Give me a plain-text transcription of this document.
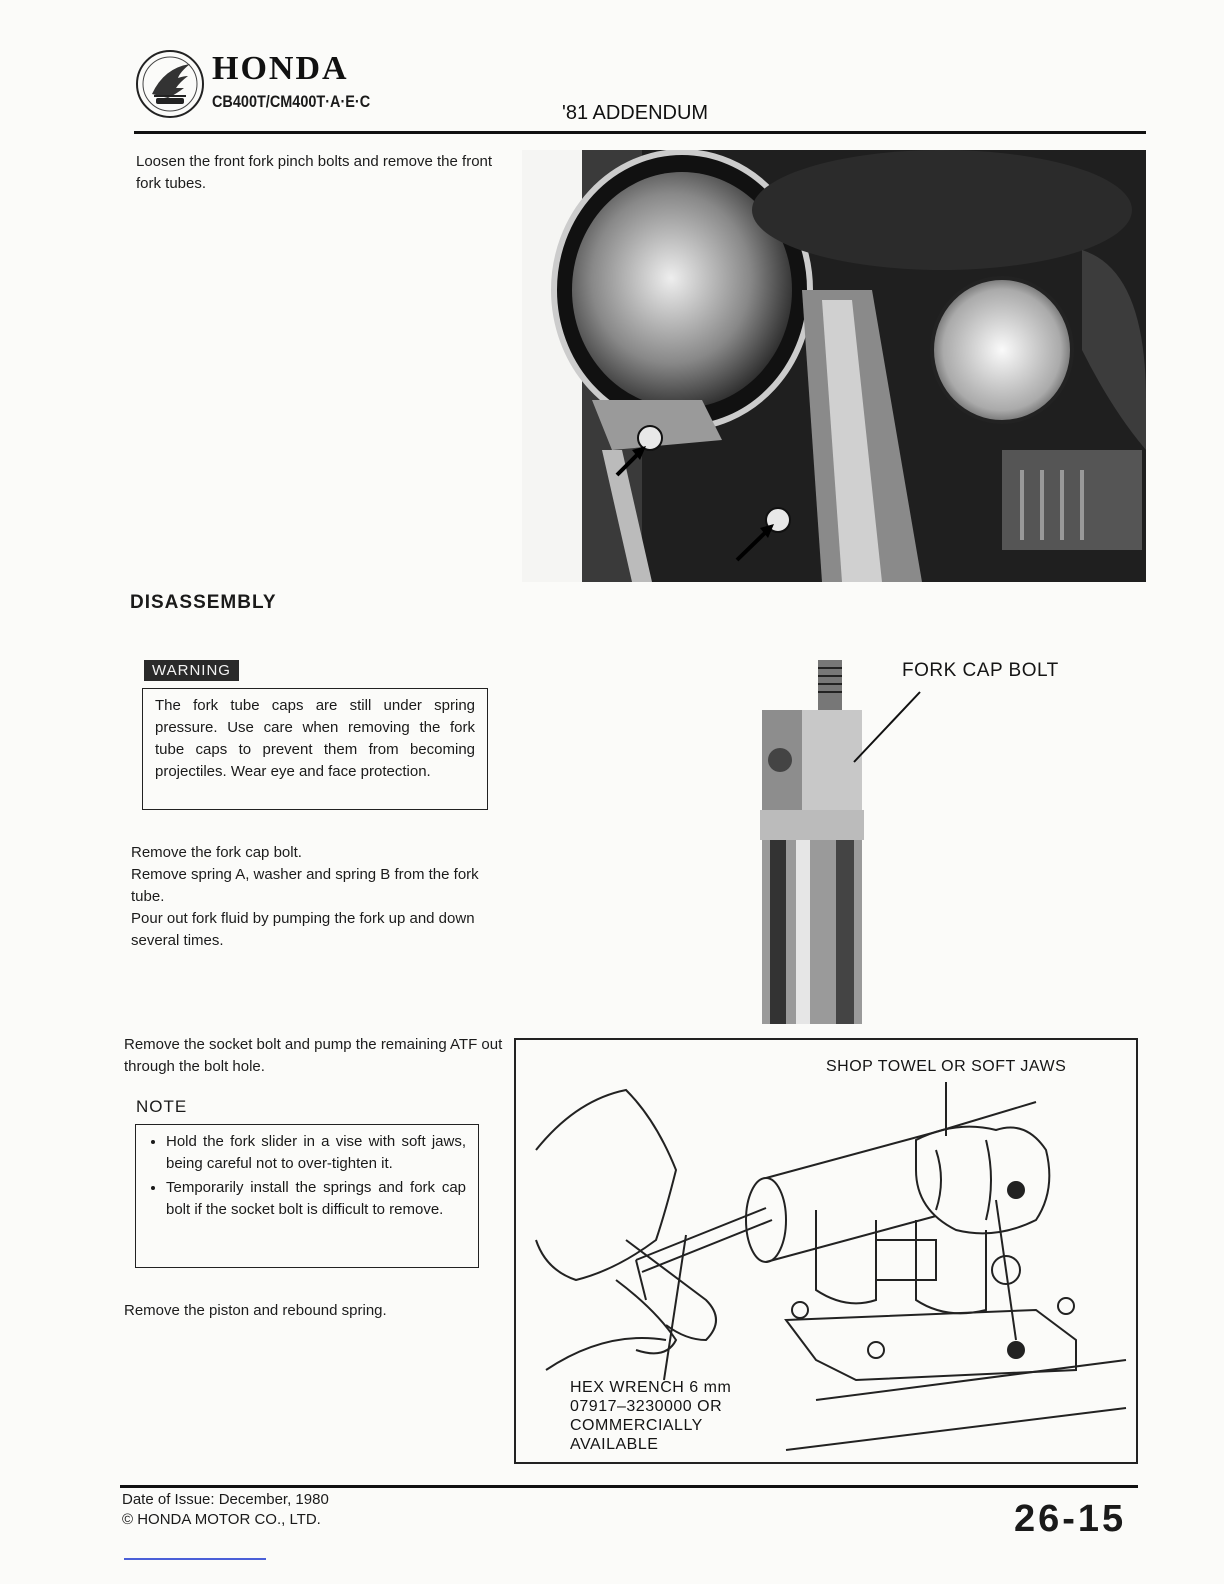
HONDA
CB400T/CM400T·A·E·C
'81 ADDENDUM
Loosen the front fork pinch bolts and remove the front fork tubes.
DISASSEMBLY
WARNING
The fork tube caps are still under spring pressure. Use care when removing the fork tube caps to prevent them from becoming projectiles. Wear eye and face protection.
FORK CAP BOLT
Remove the fork cap bolt.
Remove spring A, washer and spring B from the fork tube.
Pour out fork fluid by pumping the fork up and down several times.
Remove the socket bolt and pump the remaining ATF out through the bolt hole.
NOTE
• Hold the fork slider in a vise with soft jaws, being careful not to over-tighten it.
• Temporarily install the springs and fork cap bolt if the socket bolt is difficult to remove.
Remove the piston and rebound spring.
SHOP TOWEL OR SOFT JAWS
HEX WRENCH 6 mm
07917–3230000 OR
COMMERCIALLY
AVAILABLE
Date of Issue: December, 1980
© HONDA MOTOR CO., LTD.	26-15
